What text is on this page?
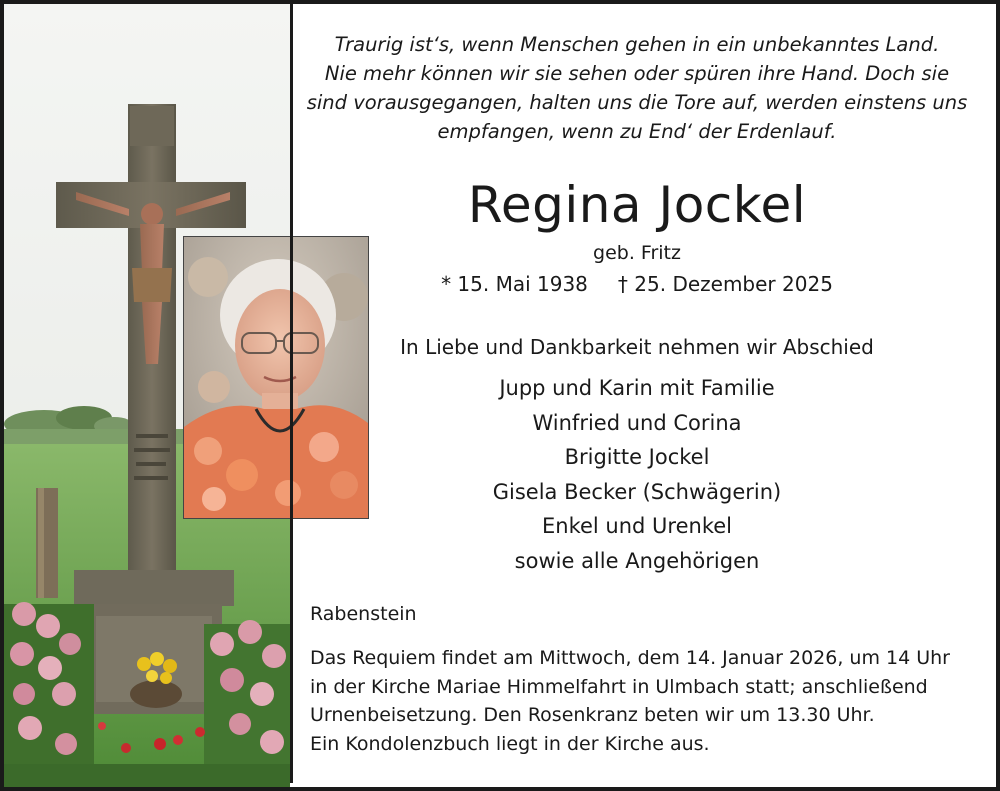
Traurig ist‘s, wenn Menschen gehen in ein unbekanntes Land.
Nie mehr können wir sie sehen oder spüren ihre Hand. Doch sie
sind vorausgegangen, halten uns die Tore auf, werden einstens uns
empfangen, wenn zu End‘ der Erdenlauf.
Regina Jockel
geb. Fritz
* 15. Mai 1938 † 25. Dezember 2025
In Liebe und Dankbarkeit nehmen wir Abschied
Jupp und Karin mit Familie
Winfried und Corina
Brigitte Jockel
Gisela Becker (Schwägerin)
Enkel und Urenkel
sowie alle Angehörigen
Rabenstein
Das Requiem findet am Mittwoch, dem 14. Januar 2026, um 14 Uhr
in der Kirche Mariae Himmelfahrt in Ulmbach statt; anschließend
Urnenbeisetzung. Den Rosenkranz beten wir um 13.30 Uhr.
Ein Kondolenzbuch liegt in der Kirche aus.
